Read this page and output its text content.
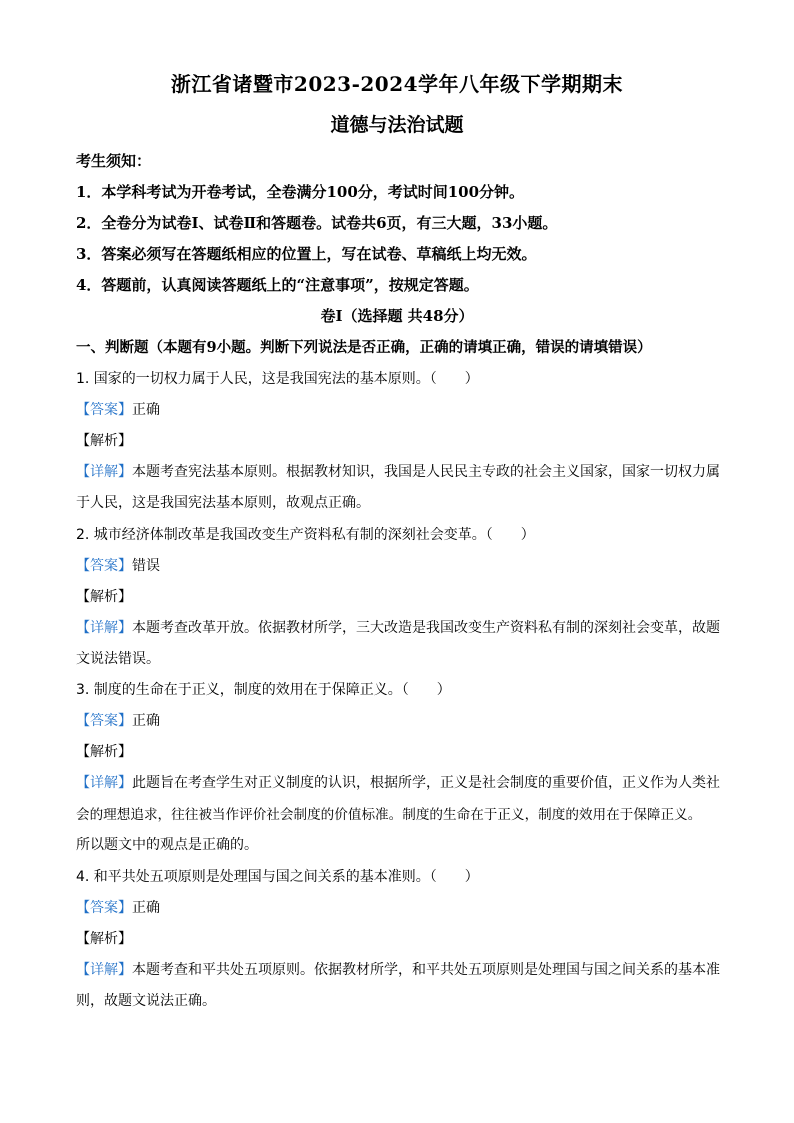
浙江省诸暨市2023-2024学年八年级下学期期末
道德与法治试题
考生须知：
1．本学科考试为开卷考试，全卷满分100分，考试时间100分钟。
2．全卷分为试卷Ⅰ、试卷Ⅱ和答题卷。试卷共6页，有三大题，33小题。
3．答案必须写在答题纸相应的位置上，写在试卷、草稿纸上均无效。
4．答题前，认真阅读答题纸上的“注意事项”，按规定答题。
卷Ⅰ（选择题 共48分）
一、判断题（本题有9小题。判断下列说法是否正确，正确的请填正确，错误的请填错误）
1. 国家的一切权力属于人民，这是我国宪法的基本原则。（　　）
【答案】正确
【解析】
【详解】本题考查宪法基本原则。根据教材知识，我国是人民民主专政的社会主义国家，国家一切权力属
于人民，这是我国宪法基本原则，故观点正确。
2. 城市经济体制改革是我国改变生产资料私有制的深刻社会变革。（　　）
【答案】错误
【解析】
【详解】本题考查改革开放。依据教材所学，三大改造是我国改变生产资料私有制的深刻社会变革，故题
文说法错误。
3. 制度的生命在于正义，制度的效用在于保障正义。（　　）
【答案】正确
【解析】
【详解】此题旨在考查学生对正义制度的认识，根据所学，正义是社会制度的重要价值，正义作为人类社
会的理想追求，往往被当作评价社会制度的价值标准。制度的生命在于正义，制度的效用在于保障正义。
所以题文中的观点是正确的。
4. 和平共处五项原则是处理国与国之间关系的基本准则。（　　）
【答案】正确
【解析】
【详解】本题考查和平共处五项原则。依据教材所学，和平共处五项原则是处理国与国之间关系的基本准
则，故题文说法正确。
